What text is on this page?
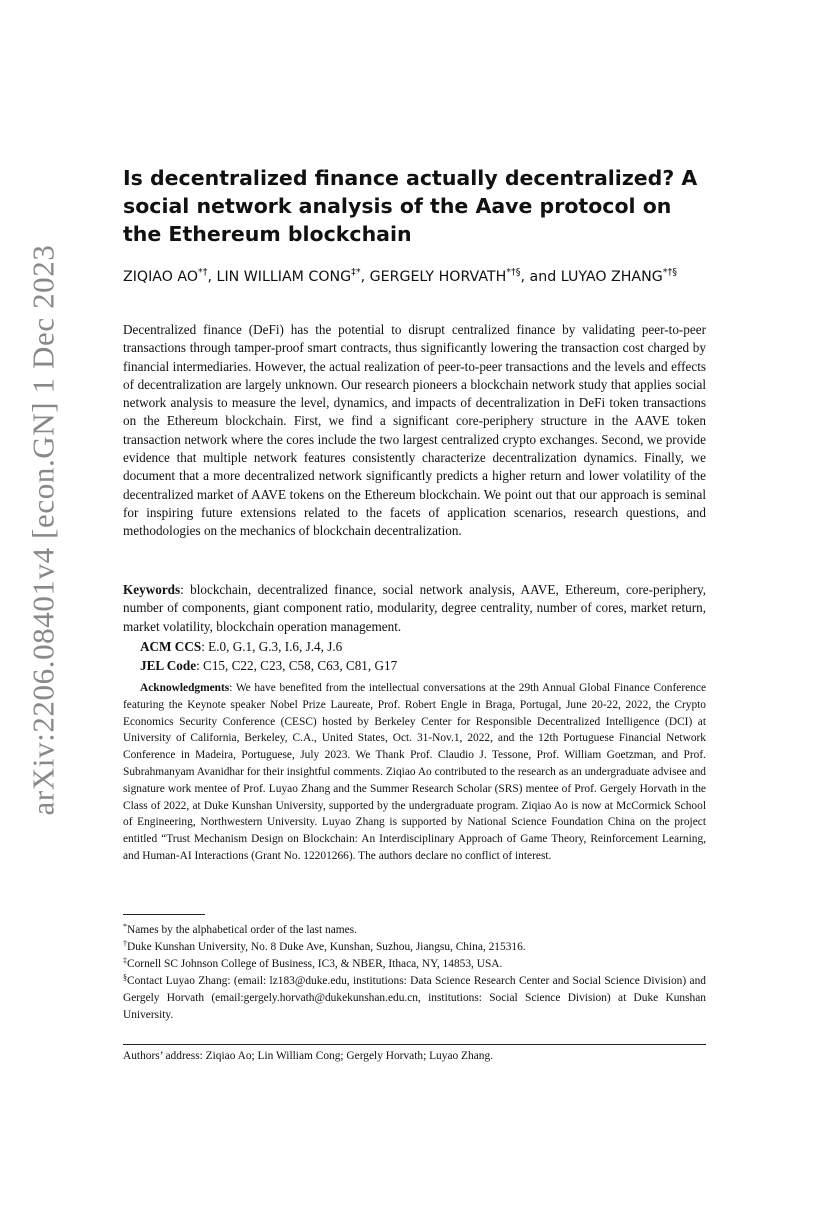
arXiv:2206.08401v4 [econ.GN] 1 Dec 2023
Is decentralized finance actually decentralized? A social network analysis of the Aave protocol on the Ethereum blockchain
ZIQIAO AO*†, LIN WILLIAM CONG‡*, GERGELY HORVATH*†§, and LUYAO ZHANG*†§

Decentralized finance (DeFi) has the potential to disrupt centralized finance by validating peer-to-peer transactions through tamper-proof smart contracts, thus significantly lowering the transaction cost charged by financial intermediaries. However, the actual realization of peer-to-peer transactions and the levels and effects of decentralization are largely unknown. Our research pioneers a blockchain network study that applies social network analysis to measure the level, dynamics, and impacts of decentralization in DeFi token transactions on the Ethereum blockchain. First, we find a significant core-periphery structure in the AAVE token transaction network where the cores include the two largest centralized crypto exchanges. Second, we provide evidence that multiple network features consistently characterize decentralization dynamics. Finally, we document that a more decentralized network significantly predicts a higher return and lower volatility of the decentralized market of AAVE tokens on the Ethereum blockchain. We point out that our approach is seminal for inspiring future extensions related to the facets of application scenarios, research questions, and methodologies on the mechanics of blockchain decentralization.

Keywords: blockchain, decentralized finance, social network analysis, AAVE, Ethereum, core-periphery, number of components, giant component ratio, modularity, degree centrality, number of cores, market return, market volatility, blockchain operation management.

ACM CCS: E.0, G.1, G.3, I.6, J.4, J.6
JEL Code: C15, C22, C23, C58, C63, C81, G17

Acknowledgments: We have benefited from the intellectual conversations at the 29th Annual Global Finance Conference featuring the Keynote speaker Nobel Prize Laureate, Prof. Robert Engle in Braga, Portugal, June 20-22, 2022, the Crypto Economics Security Conference (CESC) hosted by Berkeley Center for Responsible Decentralized Intelligence (DCI) at University of California, Berkeley, C.A., United States, Oct. 31-Nov.1, 2022, and the 12th Portuguese Financial Network Conference in Madeira, Portuguese, July 2023. We Thank Prof. Claudio J. Tessone, Prof. William Goetzman, and Prof. Subrahmanyam Avanidhar for their insightful comments. Ziqiao Ao contributed to the research as an undergraduate advisee and signature work mentee of Prof. Luyao Zhang and the Summer Research Scholar (SRS) mentee of Prof. Gergely Horvath in the Class of 2022, at Duke Kunshan University, supported by the undergraduate program. Ziqiao Ao is now at McCormick School of Engineering, Northwestern University. Luyao Zhang is supported by National Science Foundation China on the project entitled “Trust Mechanism Design on Blockchain: An Interdisciplinary Approach of Game Theory, Reinforcement Learning, and Human-AI Interactions (Grant No. 12201266). The authors declare no conflict of interest.

*Names by the alphabetical order of the last names.

†Duke Kunshan University, No. 8 Duke Ave, Kunshan, Suzhou, Jiangsu, China, 215316.

‡Cornell SC Johnson College of Business, IC3, & NBER, Ithaca, NY, 14853, USA.

§Contact Luyao Zhang: (email: lz183@duke.edu, institutions: Data Science Research Center and Social Science Division) and Gergely Horvath (email:gergely.horvath@dukekunshan.edu.cn, institutions: Social Science Division) at Duke Kunshan University.

Authors’ address: Ziqiao Ao; Lin William Cong; Gergely Horvath; Luyao Zhang.
